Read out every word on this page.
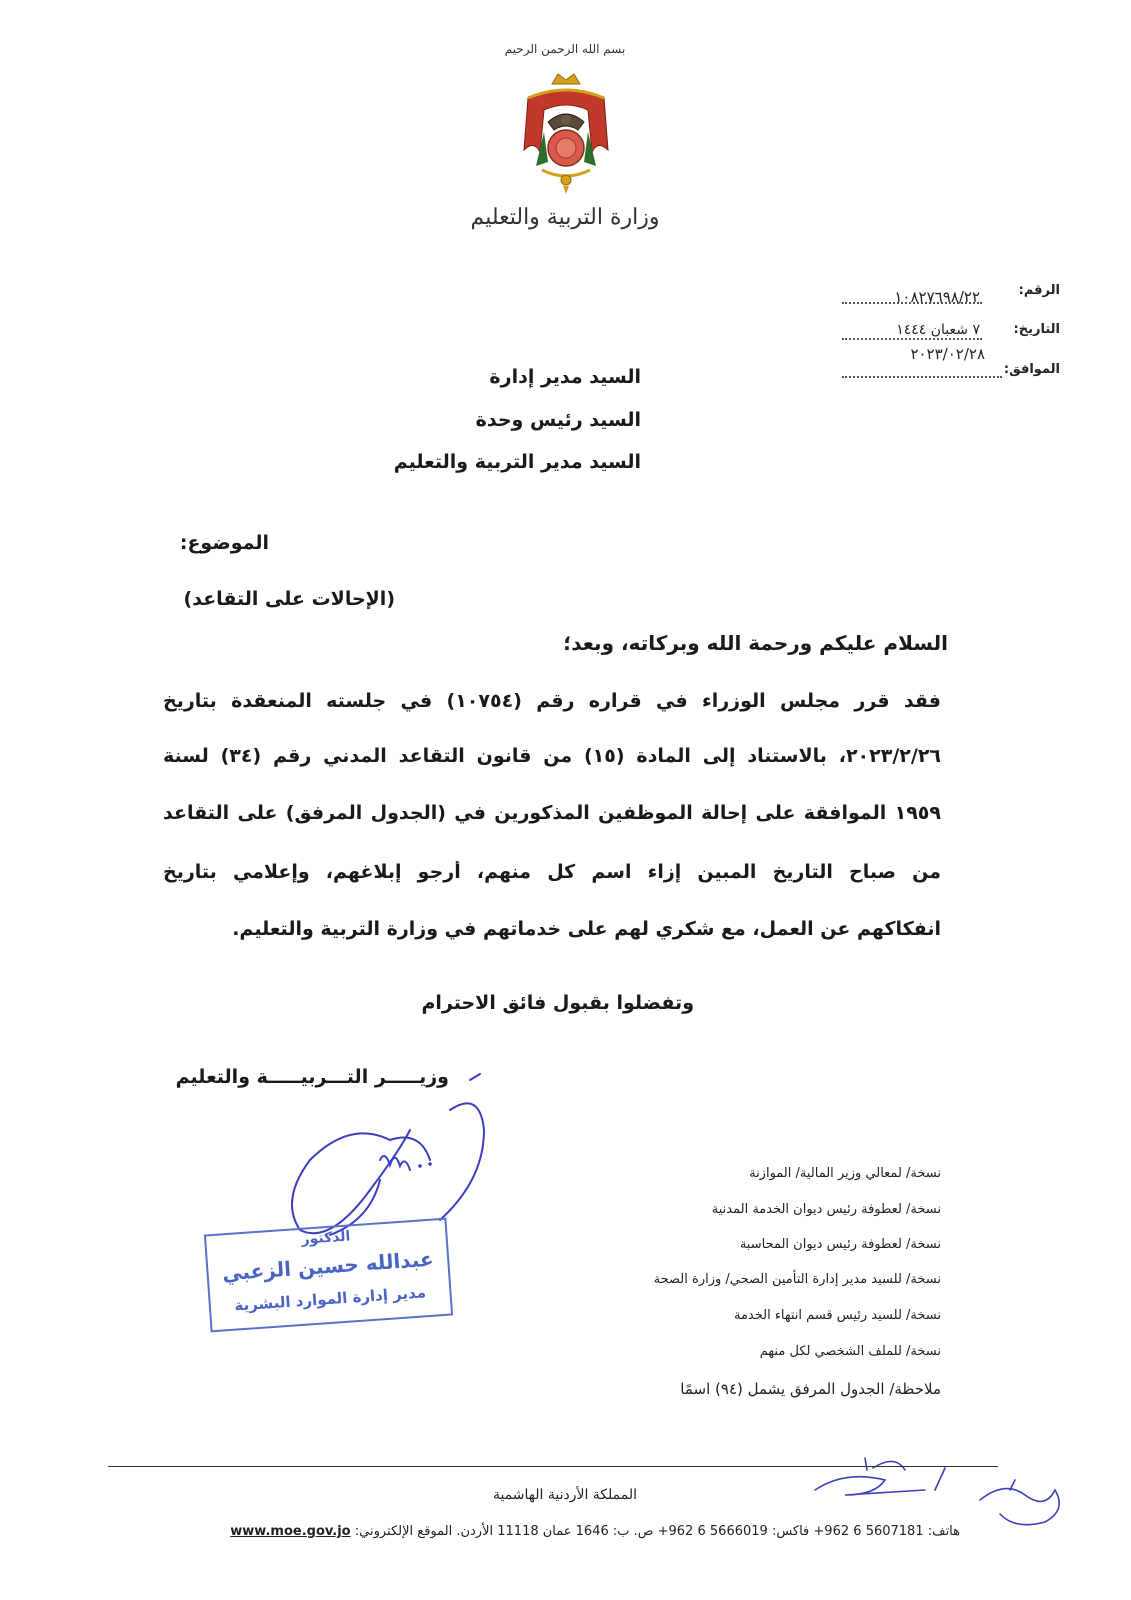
بسم الله الرحمن الرحيم
وزارة التربية والتعليم
الرقم:
١٠٨٢٧٦٩٨/٢٢
التاريخ:
٧ شعبان ١٤٤٤
الموافق:
٢٠٢٣/٠٢/٢٨
السيد مدير إدارة
السيد رئيس وحدة
السيد مدير التربية والتعليم
الموضوع:
(الإحالات على التقاعد)
السلام عليكم ورحمة الله وبركاته، وبعد؛
فقد قرر مجلس الوزراء في قراره رقم (١٠٧٥٤) في جلسته المنعقدة بتاريخ
٢٠٢٣/٢/٢٦، بالاستناد إلى المادة (١٥) من قانون التقاعد المدني رقم (٣٤) لسنة
١٩٥٩ الموافقة على إحالة الموظفين المذكورين في (الجدول المرفق) على التقاعد
من صباح التاريخ المبين إزاء اسم كل منهم، أرجو إبلاغهم، وإعلامي بتاريخ
انفكاكهم عن العمل، مع شكري لهم على خدماتهم في وزارة التربية والتعليم.
وتفضلوا بقبول فائق الاحترام
وزيـــــر التـــربيـــــة والتعليم
الدكتور
عبدالله حسين الزعبي
مدير إدارة الموارد البشرية
نسخة/ لمعالي وزير المالية/ الموازنة
نسخة/ لعطوفة رئيس ديوان الخدمة المدنية
نسخة/ لعطوفة رئيس ديوان المحاسبة
نسخة/ للسيد مدير إدارة التأمين الصحي/ وزارة الصحة
نسخة/ للسيد رئيس قسم انتهاء الخدمة
نسخة/ للملف الشخصي لكل منهم
ملاحظة/ الجدول المرفق يشمل (٩٤) اسمًا
المملكة الأردنية الهاشمية
هاتف: 5607181 6 962+ فاكس: 5666019 6 962+ ص. ب: 1646 عمان 11118 الأردن. الموقع الإلكتروني: www.moe.gov.jo
